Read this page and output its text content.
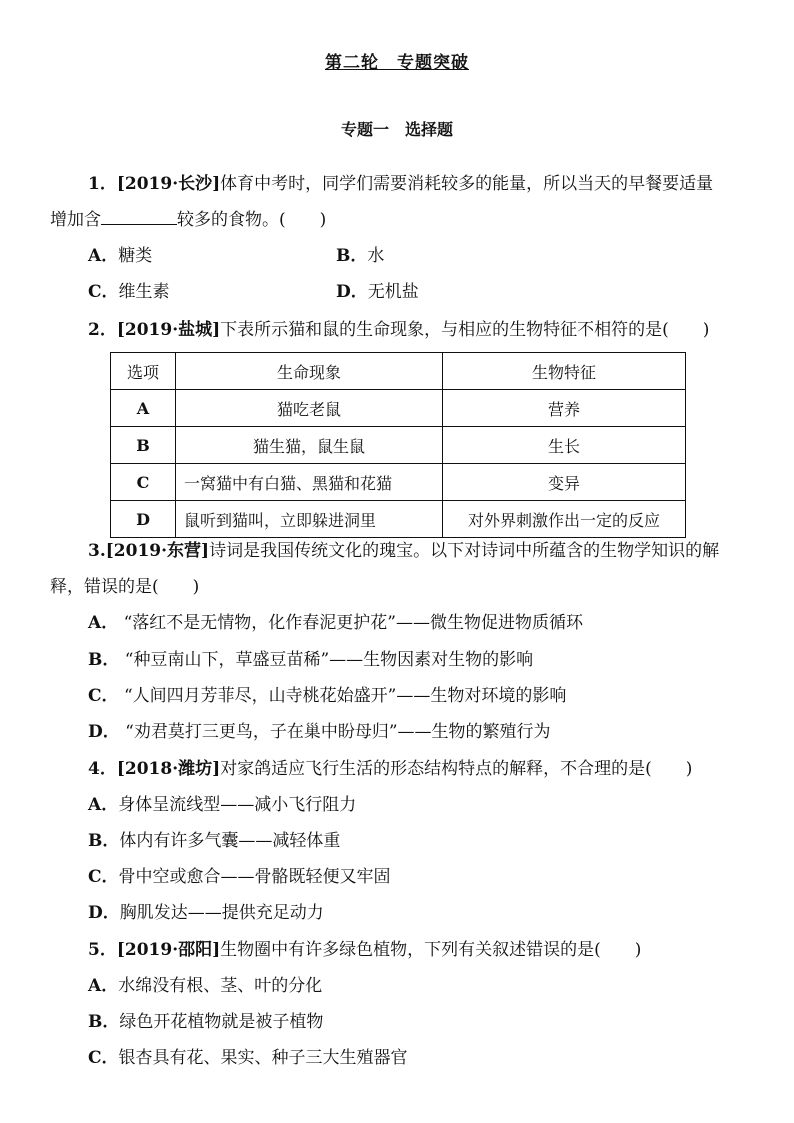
第二轮　专题突破
专题一　选择题
1．[2019·长沙]体育中考时，同学们需要消耗较多的能量，所以当天的早餐要适量
增加含	较多的食物。(　　)
A．糖类	B．水
C．维生素	D．无机盐
2．[2019·盐城]下表所示猫和鼠的生命现象，与相应的生物特征不相符的是(　　)
选项	生命现象	生物特征
A	猫吃老鼠	营养
B	猫生猫，鼠生鼠	生长
C	一窝猫中有白猫、黑猫和花猫	变异
D	鼠听到猫叫，立即躲进洞里	对外界刺激作出一定的反应
3.[2019·东营]诗词是我国传统文化的瑰宝。以下对诗词中所蕴含的生物学知识的解
释，错误的是(　　)
A． “落红不是无情物，化作春泥更护花”——微生物促进物质循环
B． “种豆南山下，草盛豆苗稀”——生物因素对生物的影响
C． “人间四月芳菲尽，山寺桃花始盛开”——生物对环境的影响
D． “劝君莫打三更鸟，子在巢中盼母归”——生物的繁殖行为
4．[2018·潍坊]对家鸽适应飞行生活的形态结构特点的解释，不合理的是(　　)
A．身体呈流线型——减小飞行阻力
B．体内有许多气囊——减轻体重
C．骨中空或愈合——骨骼既轻便又牢固
D．胸肌发达——提供充足动力
5．[2019·邵阳]生物圈中有许多绿色植物，下列有关叙述错误的是(　　)
A．水绵没有根、茎、叶的分化
B．绿色开花植物就是被子植物
C．银杏具有花、果实、种子三大生殖器官
